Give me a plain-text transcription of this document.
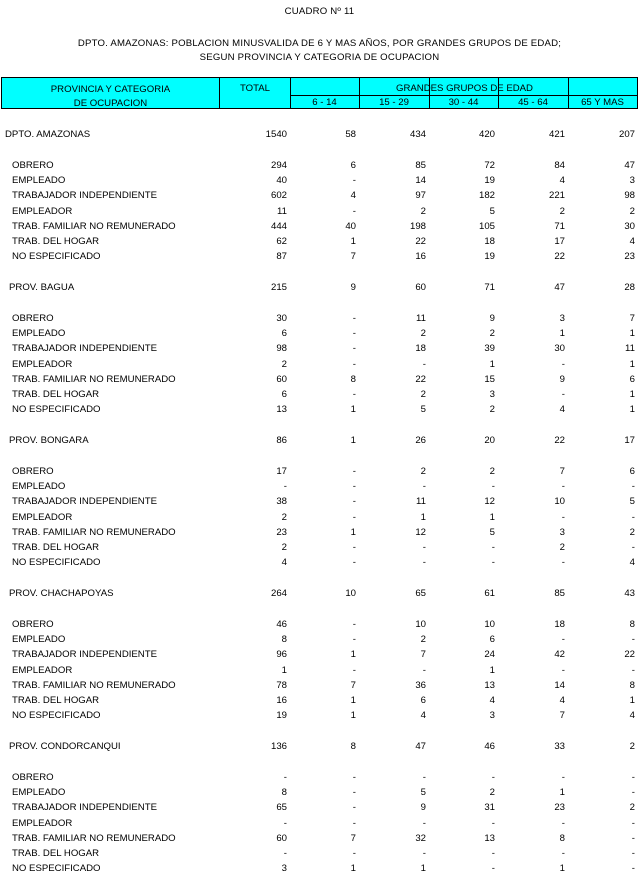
CUADRO Nº 11
DPTO. AMAZONAS: POBLACION MINUSVALIDA DE 6 Y MAS AÑOS, POR GRANDES GRUPOS DE EDAD;
SEGUN PROVINCIA Y CATEGORIA DE OCUPACION
PROVINCIA Y CATEGORIA
DE OCUPACION
TOTAL	GRANDES GRUPOS DE EDAD
6 - 14	15 - 29	30 - 44	45 - 64	65 Y MAS
DPTO. AMAZONAS	1540	58	434	420	421	207
OBRERO	294	6	85	72	84	47
EMPLEADO	40	-	14	19	4	3
TRABAJADOR INDEPENDIENTE	602	4	97	182	221	98
EMPLEADOR	11	-	2	5	2	2
TRAB. FAMILIAR NO REMUNERADO	444	40	198	105	71	30
TRAB. DEL HOGAR	62	1	22	18	17	4
NO ESPECIFICADO	87	7	16	19	22	23
PROV. BAGUA	215	9	60	71	47	28
OBRERO	30	-	11	9	3	7
EMPLEADO	6	-	2	2	1	1
TRABAJADOR INDEPENDIENTE	98	-	18	39	30	11
EMPLEADOR	2	-	-	1	-	1
TRAB. FAMILIAR NO REMUNERADO	60	8	22	15	9	6
TRAB. DEL HOGAR	6	-	2	3	-	1
NO ESPECIFICADO	13	1	5	2	4	1
PROV. BONGARA	86	1	26	20	22	17
OBRERO	17	-	2	2	7	6
EMPLEADO	-	-	-	-	-	-
TRABAJADOR INDEPENDIENTE	38	-	11	12	10	5
EMPLEADOR	2	-	1	1	-	-
TRAB. FAMILIAR NO REMUNERADO	23	1	12	5	3	2
TRAB. DEL HOGAR	2	-	-	-	2	-
NO ESPECIFICADO	4	-	-	-	-	4
PROV. CHACHAPOYAS	264	10	65	61	85	43
OBRERO	46	-	10	10	18	8
EMPLEADO	8	-	2	6	-	-
TRABAJADOR INDEPENDIENTE	96	1	7	24	42	22
EMPLEADOR	1	-	-	1	-	-
TRAB. FAMILIAR NO REMUNERADO	78	7	36	13	14	8
TRAB. DEL HOGAR	16	1	6	4	4	1
NO ESPECIFICADO	19	1	4	3	7	4
PROV. CONDORCANQUI	136	8	47	46	33	2
OBRERO	-	-	-	-	-	-
EMPLEADO	8	-	5	2	1	-
TRABAJADOR INDEPENDIENTE	65	-	9	31	23	2
EMPLEADOR	-	-	-	-	-	-
TRAB. FAMILIAR NO REMUNERADO	60	7	32	13	8	-
TRAB. DEL HOGAR	-	-	-	-	-	-
NO ESPECIFICADO	3	1	1	-	1	-
